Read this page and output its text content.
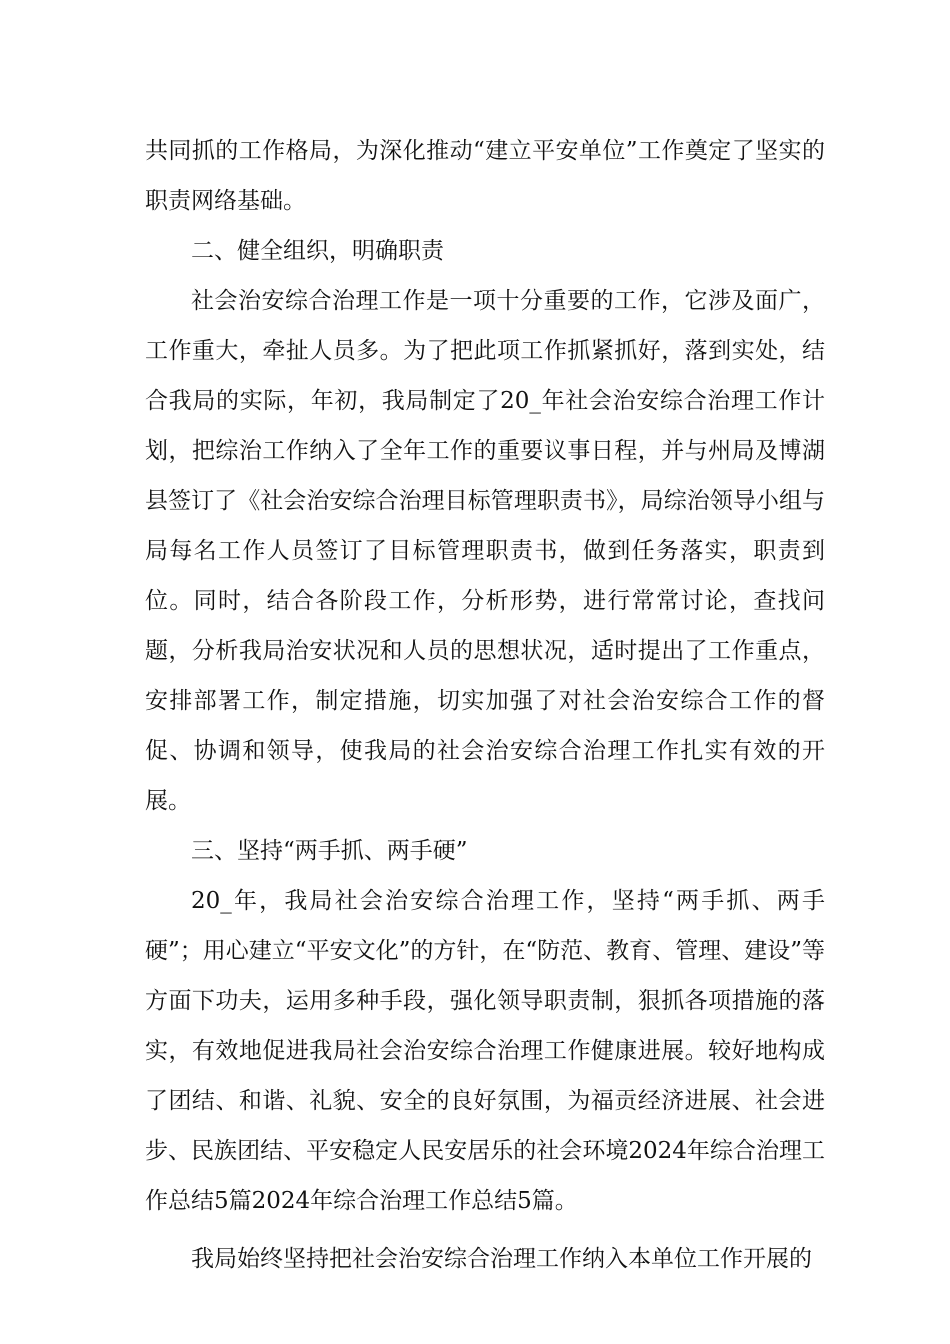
共同抓的工作格局，为深化推动“建立平安单位”工作奠定了坚实的职责网络基础。

二、健全组织，明确职责

社会治安综合治理工作是一项十分重要的工作，它涉及面广，工作重大，牵扯人员多。为了把此项工作抓紧抓好，落到实处，结合我局的实际，年初，我局制定了20_年社会治安综合治理工作计划，把综治工作纳入了全年工作的重要议事日程，并与州局及博湖县签订了《社会治安综合治理目标管理职责书》，局综治领导小组与局每名工作人员签订了目标管理职责书，做到任务落实，职责到位。同时，结合各阶段工作，分析形势，进行常常讨论，查找问题，分析我局治安状况和人员的思想状况，适时提出了工作重点，安排部署工作，制定措施，切实加强了对社会治安综合工作的督促、协调和领导，使我局的社会治安综合治理工作扎实有效的开展。

三、坚持“两手抓、两手硬”

20_年，我局社会治安综合治理工作，坚持“两手抓、两手硬”；用心建立“平安文化”的方针，在“防范、教育、管理、建设”等方面下功夫，运用多种手段，强化领导职责制，狠抓各项措施的落实，有效地促进我局社会治安综合治理工作健康进展。较好地构成了团结、和谐、礼貌、安全的良好氛围，为福贡经济进展、社会进步、民族团结、平安稳定人民安居乐的社会环境2024年综合治理工作总结5篇2024年综合治理工作总结5篇。

我局始终坚持把社会治安综合治理工作纳入本单位工作开展的
